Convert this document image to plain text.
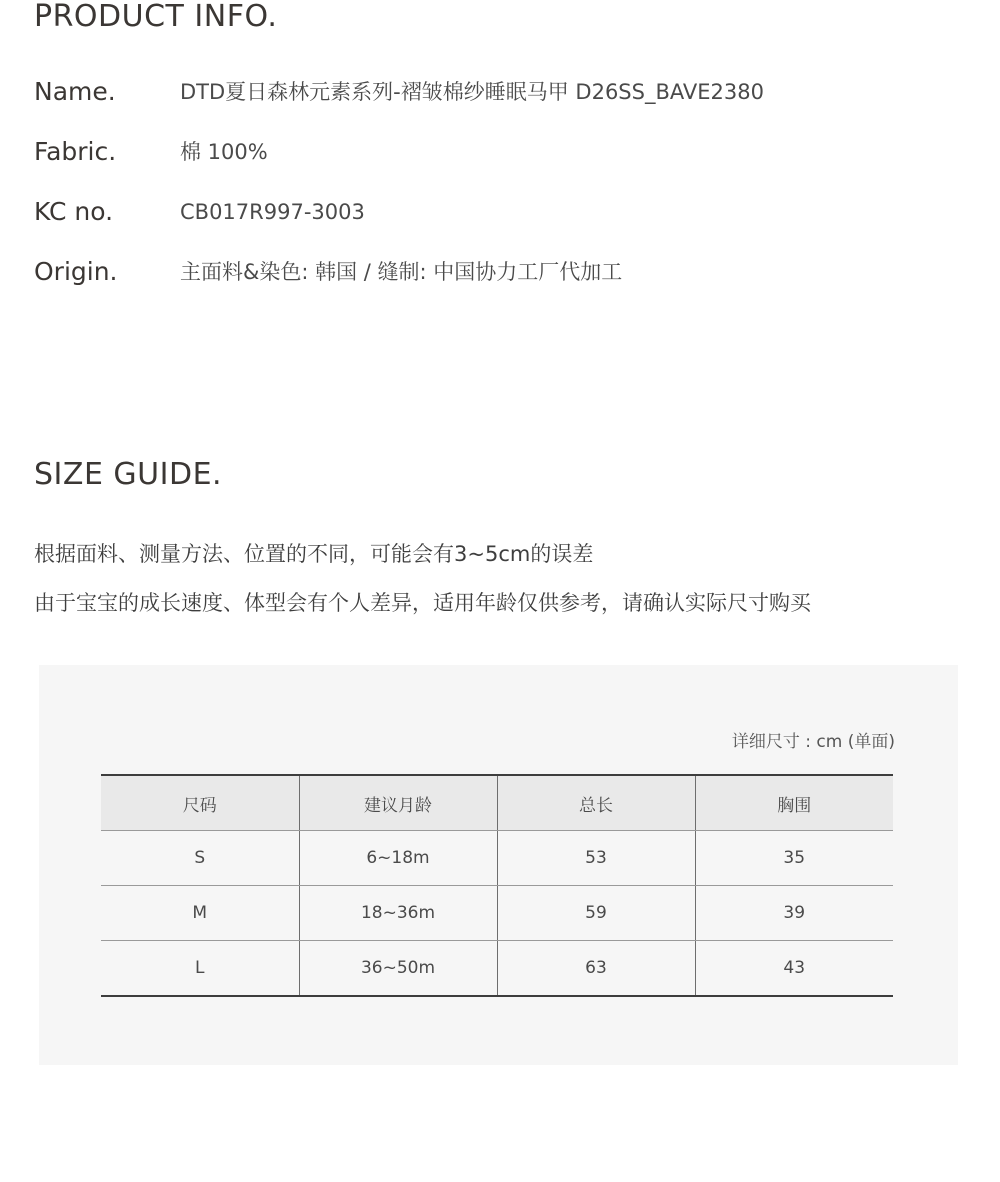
PRODUCT INFO.
Name.	DTD夏日森林元素系列-褶皱棉纱睡眠马甲 D26SS_BAVE2380
Fabric.	棉 100%
KC no.	CB017R997-3003
Origin.	主面料&染色: 韩国 / 缝制: 中国协力工厂代加工
SIZE GUIDE.
根据面料、测量方法、位置的不同，可能会有3~5cm的误差
由于宝宝的成长速度、体型会有个人差异，适用年龄仅供参考，请确认实际尺寸购买
详细尺寸 : cm (单面)
尺码	建议月龄	总长	胸围
S	6~18m	53	35
M	18~36m	59	39
L	36~50m	63	43
